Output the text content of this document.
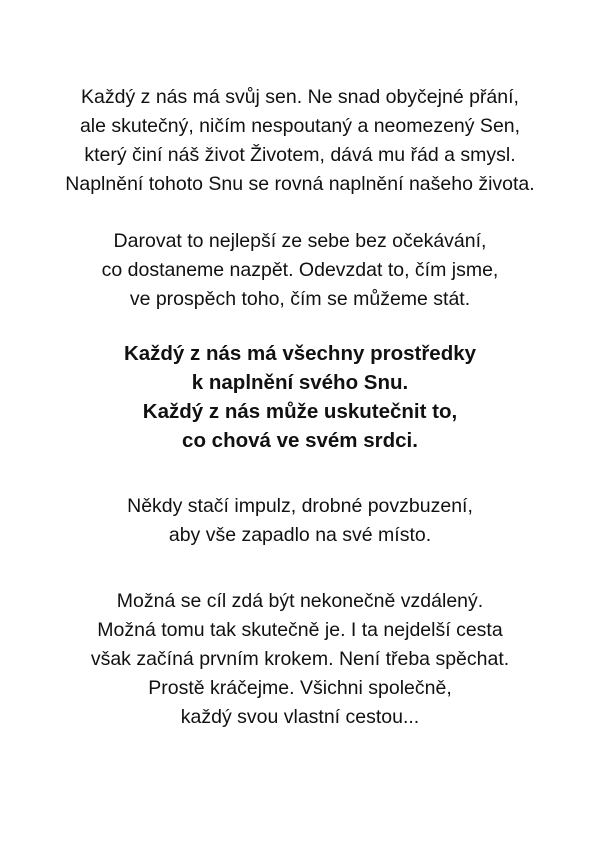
Každý z nás má svůj sen. Ne snad obyčejné přání,
ale skutečný, ničím nespoutaný a neomezený Sen,
který činí náš život Životem, dává mu řád a smysl.
Naplnění tohoto Snu se rovná naplnění našeho života.
Darovat to nejlepší ze sebe bez očekávání,
co dostaneme nazpět. Odevzdat to, čím jsme,
ve prospěch toho, čím se můžeme stát.
Každý z nás má všechny prostředky
k naplnění svého Snu.
Každý z nás může uskutečnit to,
co chová ve svém srdci.
Někdy stačí impulz, drobné povzbuzení,
aby vše zapadlo na své místo.
Možná se cíl zdá být nekonečně vzdálený.
Možná tomu tak skutečně je. I ta nejdelší cesta
však začíná prvním krokem. Není třeba spěchat.
Prostě kráčejme. Všichni společně,
každý svou vlastní cestou...
